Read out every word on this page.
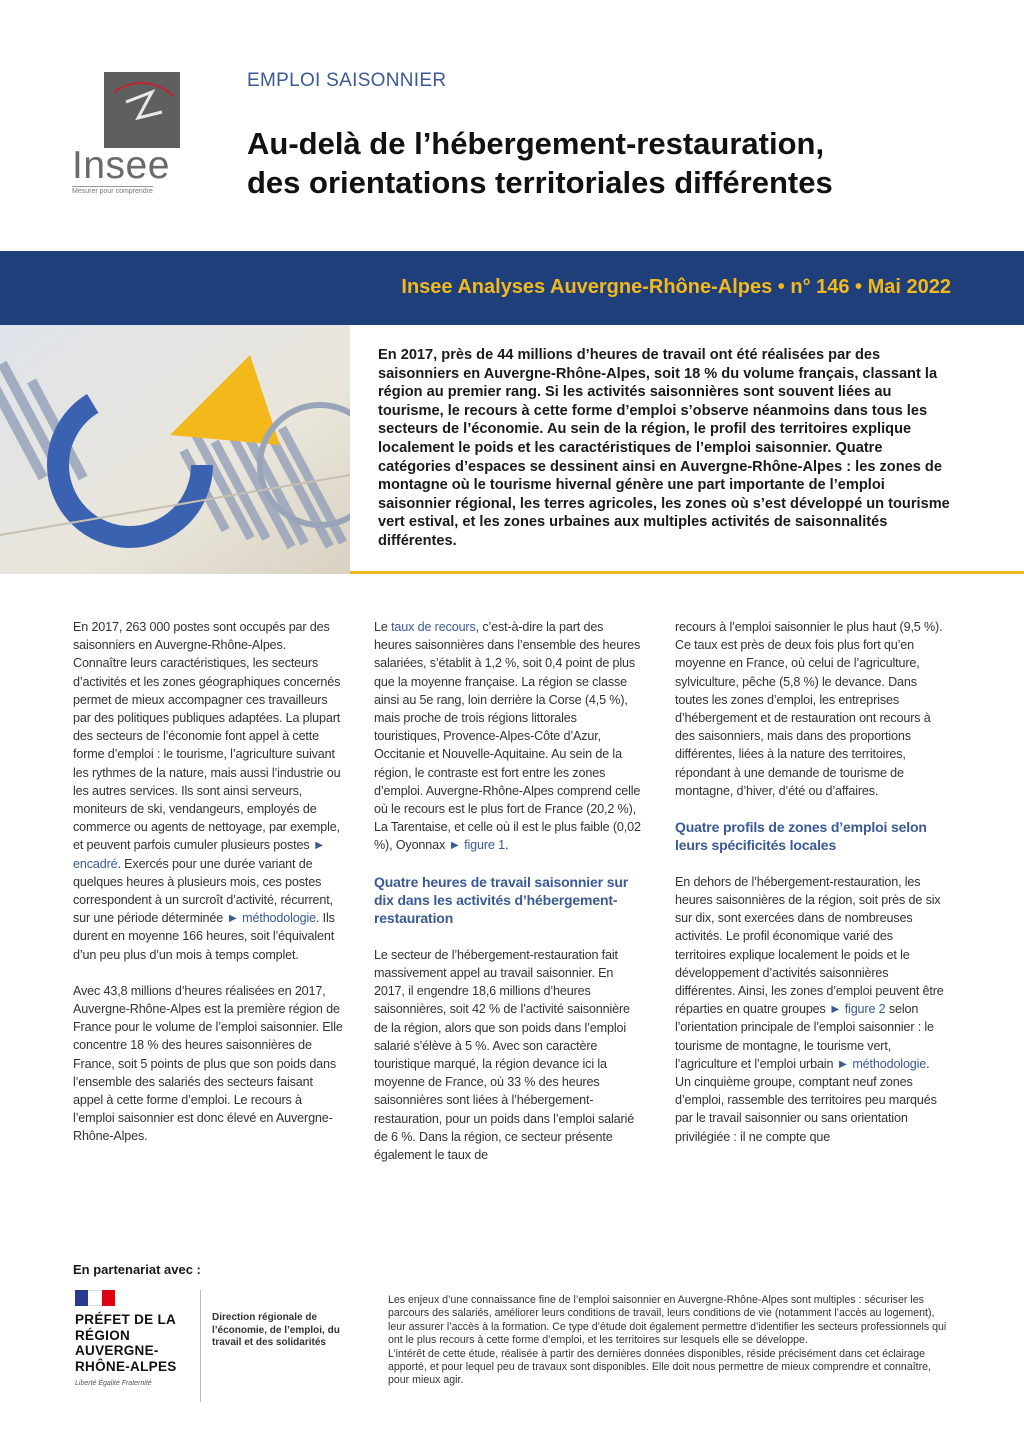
Insee
Mesurer pour comprendre
EMPLOI SAISONNIER
Au-delà de l’hébergement-restauration,
des orientations territoriales différentes
Insee Analyses Auvergne-Rhône-Alpes • n° 146 • Mai 2022
En 2017, près de 44 millions d’heures de travail ont été réalisées par des saisonniers en Auvergne-Rhône-Alpes, soit 18 % du volume français, classant la région au premier rang. Si les activités saisonnières sont souvent liées au tourisme, le recours à cette forme d’emploi s’observe néanmoins dans tous les secteurs de l’économie. Au sein de la région, le profil des territoires explique localement le poids et les caractéristiques de l’emploi saisonnier. Quatre catégories d’espaces se dessinent ainsi en Auvergne-Rhône-Alpes : les zones de montagne où le tourisme hivernal génère une part importante de l’emploi saisonnier régional, les terres agricoles, les zones où s’est développé un tourisme vert estival, et les zones urbaines aux multiples activités de saisonnalités différentes.

En 2017, 263 000 postes sont occupés par des saisonniers en Auvergne-Rhône-Alpes. Connaître leurs caractéristiques, les secteurs d’activités et les zones géographiques concernés permet de mieux accompagner ces travailleurs par des politiques publiques adaptées. La plupart des secteurs de l’économie font appel à cette forme d’emploi : le tourisme, l’agriculture suivant les rythmes de la nature, mais aussi l’industrie ou les autres services. Ils sont ainsi serveurs, moniteurs de ski, vendangeurs, employés de commerce ou agents de nettoyage, par exemple, et peuvent parfois cumuler plusieurs postes ► encadré. Exercés pour une durée variant de quelques heures à plusieurs mois, ces postes correspondent à un surcroît d’activité, récurrent, sur une période déterminée ► méthodologie. Ils durent en moyenne 166 heures, soit l’équivalent d’un peu plus d’un mois à temps complet.

Avec 43,8 millions d’heures réalisées en 2017, Auvergne-Rhône-Alpes est la première région de France pour le volume de l’emploi saisonnier. Elle concentre 18 % des heures saisonnières de France, soit 5 points de plus que son poids dans l’ensemble des salariés des secteurs faisant appel à cette forme d’emploi. Le recours à l’emploi saisonnier est donc élevé en Auvergne-Rhône-Alpes.

Le taux de recours, c’est-à-dire la part des heures saisonnières dans l’ensemble des heures salariées, s’établit à 1,2 %, soit 0,4 point de plus que la moyenne française. La région se classe ainsi au 5e rang, loin derrière la Corse (4,5 %), mais proche de trois régions littorales touristiques, Provence-Alpes-Côte d’Azur, Occitanie et Nouvelle-Aquitaine. Au sein de la région, le contraste est fort entre les zones d’emploi. Auvergne-Rhône-Alpes comprend celle où le recours est le plus fort de France (20,2 %), La Tarentaise, et celle où il est le plus faible (0,02 %), Oyonnax ► figure 1.

Quatre heures de travail saisonnier sur dix dans les activités d’hébergement-restauration

Le secteur de l’hébergement-restauration fait massivement appel au travail saisonnier. En 2017, il engendre 18,6 millions d’heures saisonnières, soit 42 % de l’activité saisonnière de la région, alors que son poids dans l’emploi salarié s’élève à 5 %. Avec son caractère touristique marqué, la région devance ici la moyenne de France, où 33 % des heures saisonnières sont liées à l’hébergement-restauration, pour un poids dans l’emploi salarié de 6 %. Dans la région, ce secteur présente également le taux de

recours à l’emploi saisonnier le plus haut (9,5 %). Ce taux est près de deux fois plus fort qu’en moyenne en France, où celui de l’agriculture, sylviculture, pêche (5,8 %) le devance. Dans toutes les zones d’emploi, les entreprises d’hébergement et de restauration ont recours à des saisonniers, mais dans des proportions différentes, liées à la nature des territoires, répondant à une demande de tourisme de montagne, d’hiver, d’été ou d’affaires.

Quatre profils de zones d’emploi selon leurs spécificités locales

En dehors de l’hébergement-restauration, les heures saisonnières de la région, soit près de six sur dix, sont exercées dans de nombreuses activités. Le profil économique varié des territoires explique localement le poids et le développement d’activités saisonnières différentes. Ainsi, les zones d’emploi peuvent être réparties en quatre groupes ► figure 2 selon l’orientation principale de l’emploi saisonnier : le tourisme de montagne, le tourisme vert, l’agriculture et l’emploi urbain ► méthodologie. Un cinquième groupe, comptant neuf zones d’emploi, rassemble des territoires peu marqués par le travail saisonnier ou sans orientation privilégiée : il ne compte que

En partenariat avec :
PRÉFET DE LA RÉGION AUVERGNE-RHÔNE-ALPES
Liberté Égalité Fraternité
Direction régionale de l’économie, de l’emploi, du travail et des solidarités

Les enjeux d’une connaissance fine de l’emploi saisonnier en Auvergne-Rhône-Alpes sont multiples : sécuriser les parcours des salariés, améliorer leurs conditions de travail, leurs conditions de vie (notamment l’accès au logement), leur assurer l’accès à la formation. Ce type d’étude doit également permettre d’identifier les secteurs professionnels qui ont le plus recours à cette forme d’emploi, et les territoires sur lesquels elle se développe.

L’intérêt de cette étude, réalisée à partir des dernières données disponibles, réside précisément dans cet éclairage apporté, et pour lequel peu de travaux sont disponibles. Elle doit nous permettre de mieux comprendre et connaître, pour mieux agir.
